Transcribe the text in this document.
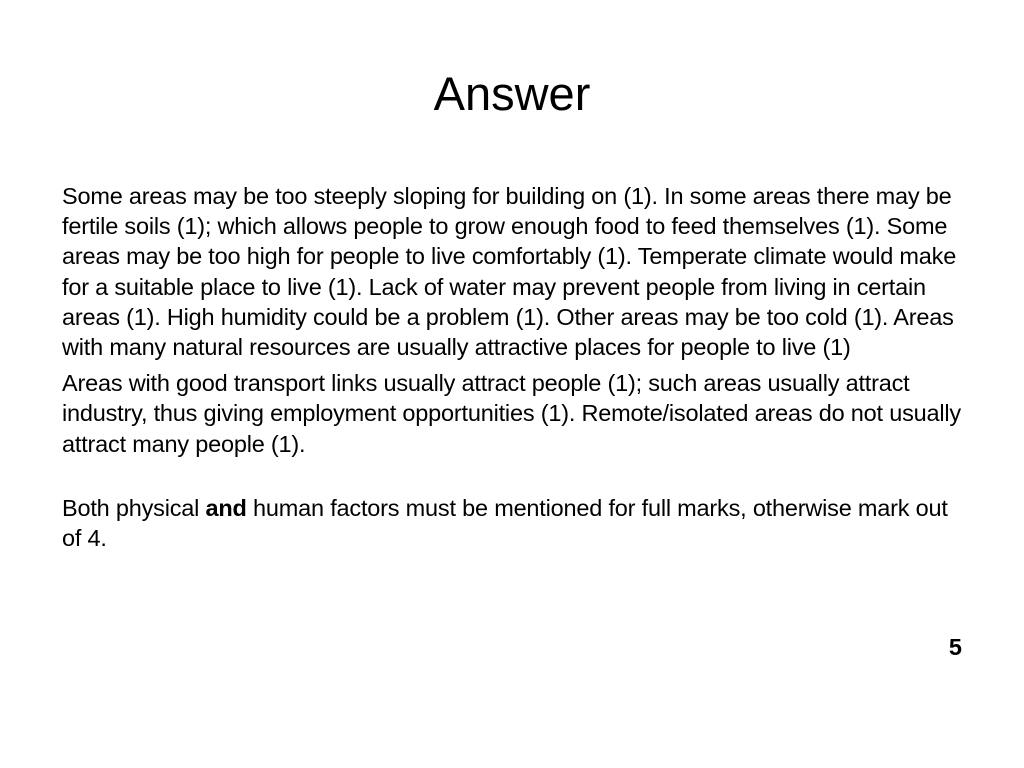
Answer

Some areas may be too steeply sloping for building on (1). In some areas there may be fertile soils (1); which allows people to grow enough food to feed themselves (1). Some areas may be too high for people to live comfortably (1). Temperate climate would make for a suitable place to live (1). Lack of water may prevent people from living in certain areas (1). High humidity could be a problem (1). Other areas may be too cold (1). Areas with many natural resources are usually attractive places for people to live (1)

Areas with good transport links usually attract people (1); such areas usually attract industry, thus giving employment opportunities (1). Remote/isolated areas do not usually attract many people (1).

Both physical and human factors must be mentioned for full marks, otherwise mark out of 4.

5
